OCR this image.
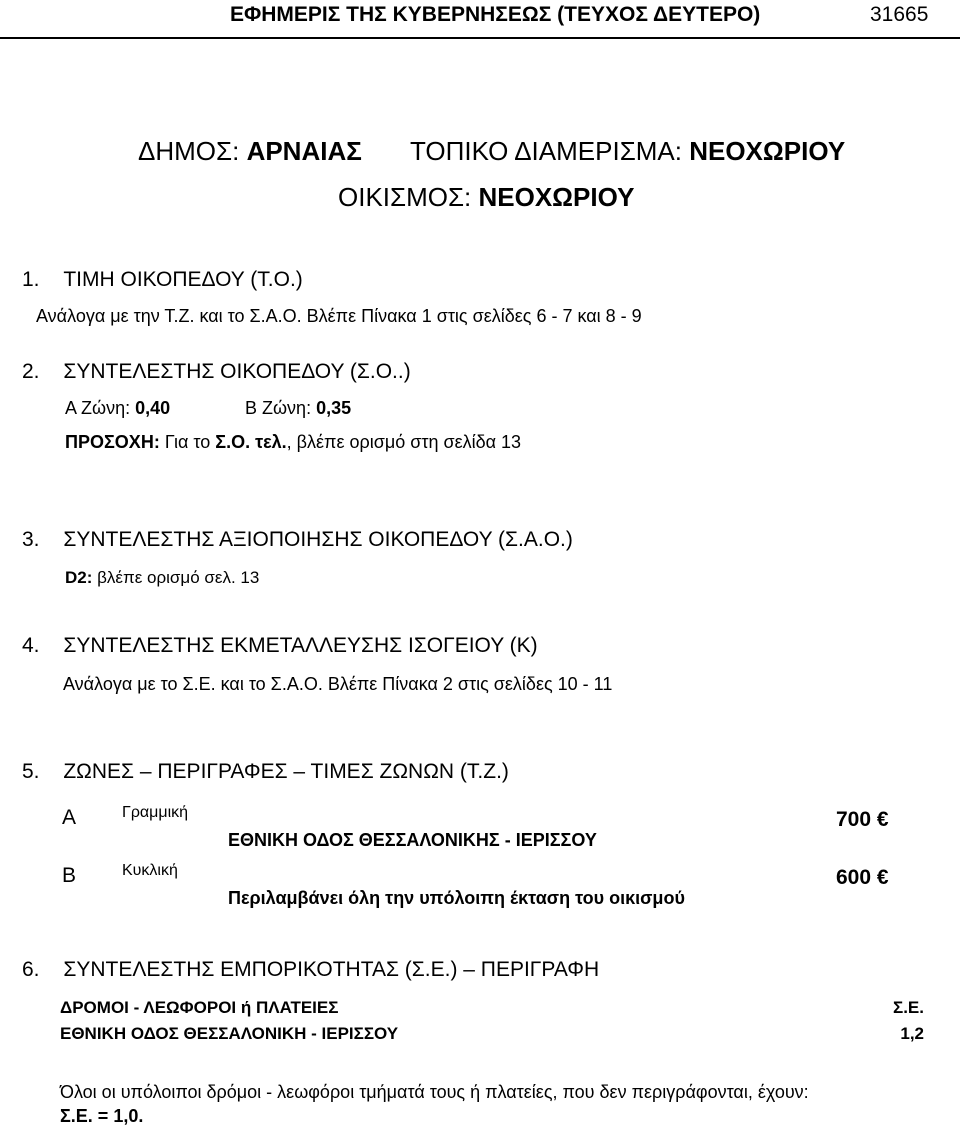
ΕΦΗΜΕΡΙΣ ΤΗΣ ΚΥΒΕΡΝΗΣΕΩΣ (ΤΕΥΧΟΣ ΔΕΥΤΕΡΟ)	31665
ΔΗΜΟΣ: ΑΡΝΑΙΑΣ ΤΟΠΙΚΟ ΔΙΑΜΕΡΙΣΜΑ: ΝΕΟΧΩΡΙΟΥ
ΟΙΚΙΣΜΟΣ: ΝΕΟΧΩΡΙΟΥ
1. ΤΙΜΗ ΟΙΚΟΠΕΔΟΥ (Τ.Ο.)
Ανάλογα με την Τ.Ζ. και το Σ.Α.Ο. Βλέπε Πίνακα 1 στις σελίδες 6 - 7 και 8 - 9
2. ΣΥΝΤΕΛΕΣΤΗΣ ΟΙΚΟΠΕΔΟΥ (Σ.Ο..)
Α Ζώνη: 0,40	Β Ζώνη: 0,35
ΠΡΟΣΟΧΗ: Για το Σ.Ο. τελ., βλέπε ορισμό στη σελίδα 13
3. ΣΥΝΤΕΛΕΣΤΗΣ ΑΞΙΟΠΟΙΗΣΗΣ ΟΙΚΟΠΕΔΟΥ (Σ.Α.Ο.)
D2: βλέπε ορισμό σελ. 13
4. ΣΥΝΤΕΛΕΣΤΗΣ ΕΚΜΕΤΑΛΛΕΥΣΗΣ ΙΣΟΓΕΙΟΥ (Κ)
Ανάλογα με το Σ.Ε. και το Σ.Α.Ο. Βλέπε Πίνακα 2 στις σελίδες 10 - 11
5. ΖΩΝΕΣ – ΠΕΡΙΓΡΑΦΕΣ – ΤΙΜΕΣ ΖΩΝΩΝ (Τ.Ζ.)
Α	Γραμμική
ΕΘΝΙΚΗ ΟΔΟΣ ΘΕΣΣΑΛΟΝΙΚΗΣ - ΙΕΡΙΣΣΟΥ
700 €
Β	Κυκλική
Περιλαμβάνει όλη την υπόλοιπη έκταση του οικισμού
600 €
6. ΣΥΝΤΕΛΕΣΤΗΣ ΕΜΠΟΡΙΚΟΤΗΤΑΣ (Σ.Ε.) – ΠΕΡΙΓΡΑΦΗ
ΔΡΟΜΟΙ - ΛΕΩΦΟΡΟΙ ή ΠΛΑΤΕΙΕΣ	Σ.Ε.
ΕΘΝΙΚΗ ΟΔΟΣ ΘΕΣΣΑΛΟΝΙΚΗ - ΙΕΡΙΣΣΟΥ	1,2
Όλοι οι υπόλοιποι δρόμοι - λεωφόροι τμήματά τους ή πλατείες, που δεν περιγράφονται, έχουν:
Σ.Ε. = 1,0.
